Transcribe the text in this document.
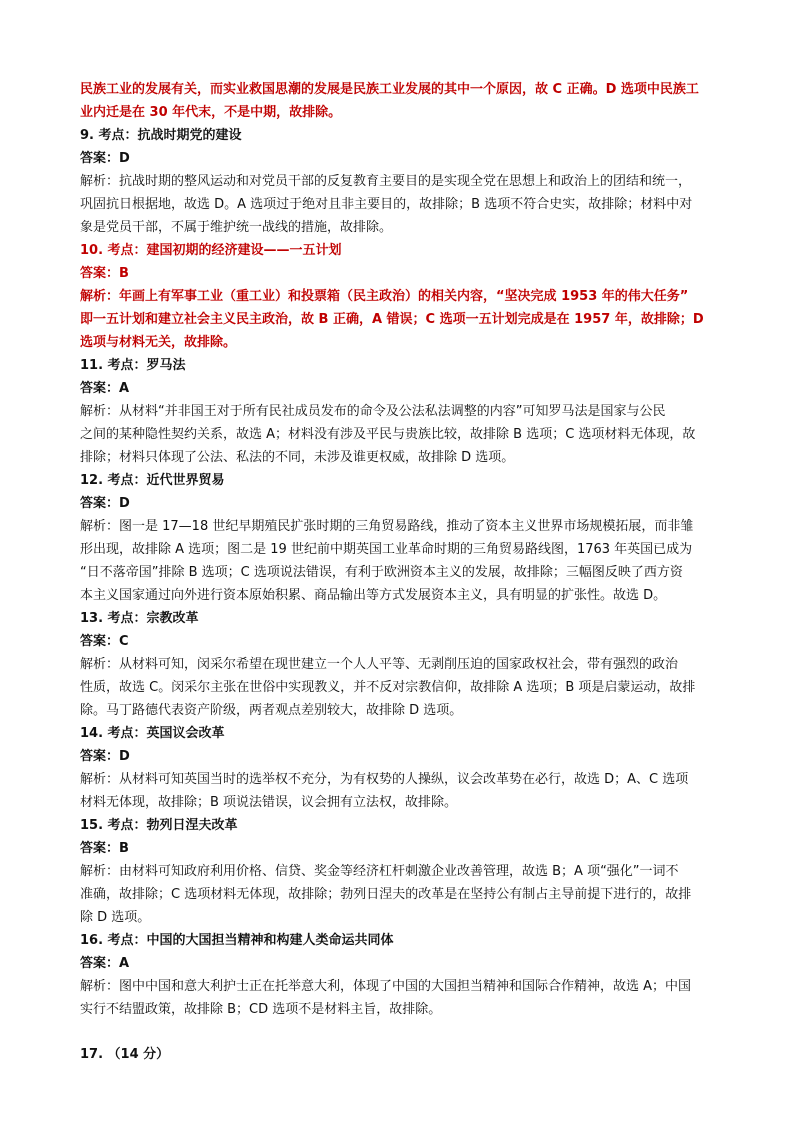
民族工业的发展有关，而实业救国思潮的发展是民族工业发展的其中一个原因，故 C 正确。D 选项中民族工

业内迁是在 30 年代末，不是中期，故排除。

9. 考点：抗战时期党的建设

答案：D

解析：抗战时期的整风运动和对党员干部的反复教育主要目的是实现全党在思想上和政治上的团结和统一，

巩固抗日根据地，故选 D。A 选项过于绝对且非主要目的，故排除；B 选项不符合史实，故排除；材料中对

象是党员干部，不属于维护统一战线的措施，故排除。

10. 考点：建国初期的经济建设——一五计划

答案：B

解析：年画上有军事工业（重工业）和投票箱（民主政治）的相关内容，“坚决完成 1953 年的伟大任务”

即一五计划和建立社会主义民主政治，故 B 正确，A 错误；C 选项一五计划完成是在 1957 年，故排除；D

选项与材料无关，故排除。

11. 考点：罗马法

答案：A

解析：从材料“并非国王对于所有民社成员发布的命令及公法私法调整的内容”可知罗马法是国家与公民

之间的某种隐性契约关系，故选 A；材料没有涉及平民与贵族比较，故排除 B 选项；C 选项材料无体现，故

排除；材料只体现了公法、私法的不同，未涉及谁更权威，故排除 D 选项。

12. 考点：近代世界贸易

答案：D

解析：图一是 17—18 世纪早期殖民扩张时期的三角贸易路线，推动了资本主义世界市场规模拓展，而非雏

形出现，故排除 A 选项；图二是 19 世纪前中期英国工业革命时期的三角贸易路线图，1763 年英国已成为

“日不落帝国”排除 B 选项；C 选项说法错误，有利于欧洲资本主义的发展，故排除；三幅图反映了西方资

本主义国家通过向外进行资本原始积累、商品输出等方式发展资本主义，具有明显的扩张性。故选 D。

13. 考点：宗教改革

答案：C

解析：从材料可知，闵采尔希望在现世建立一个人人平等、无剥削压迫的国家政权社会，带有强烈的政治

性质，故选 C。闵采尔主张在世俗中实现教义，并不反对宗教信仰，故排除 A 选项；B 项是启蒙运动，故排

除。马丁路德代表资产阶级，两者观点差别较大，故排除 D 选项。

14. 考点：英国议会改革

答案：D

解析：从材料可知英国当时的选举权不充分，为有权势的人操纵，议会改革势在必行，故选 D；A、C 选项

材料无体现，故排除；B 项说法错误，议会拥有立法权，故排除。

15. 考点：勃列日涅夫改革

答案：B

解析：由材料可知政府利用价格、信贷、奖金等经济杠杆刺激企业改善管理，故选 B；A 项“强化”一词不

准确，故排除；C 选项材料无体现，故排除；勃列日涅夫的改革是在坚持公有制占主导前提下进行的，故排

除 D 选项。

16. 考点：中国的大国担当精神和构建人类命运共同体

答案：A

解析：图中中国和意大利护士正在托举意大利，体现了中国的大国担当精神和国际合作精神，故选 A；中国

实行不结盟政策，故排除 B；CD 选项不是材料主旨，故排除。

17. （14 分）
